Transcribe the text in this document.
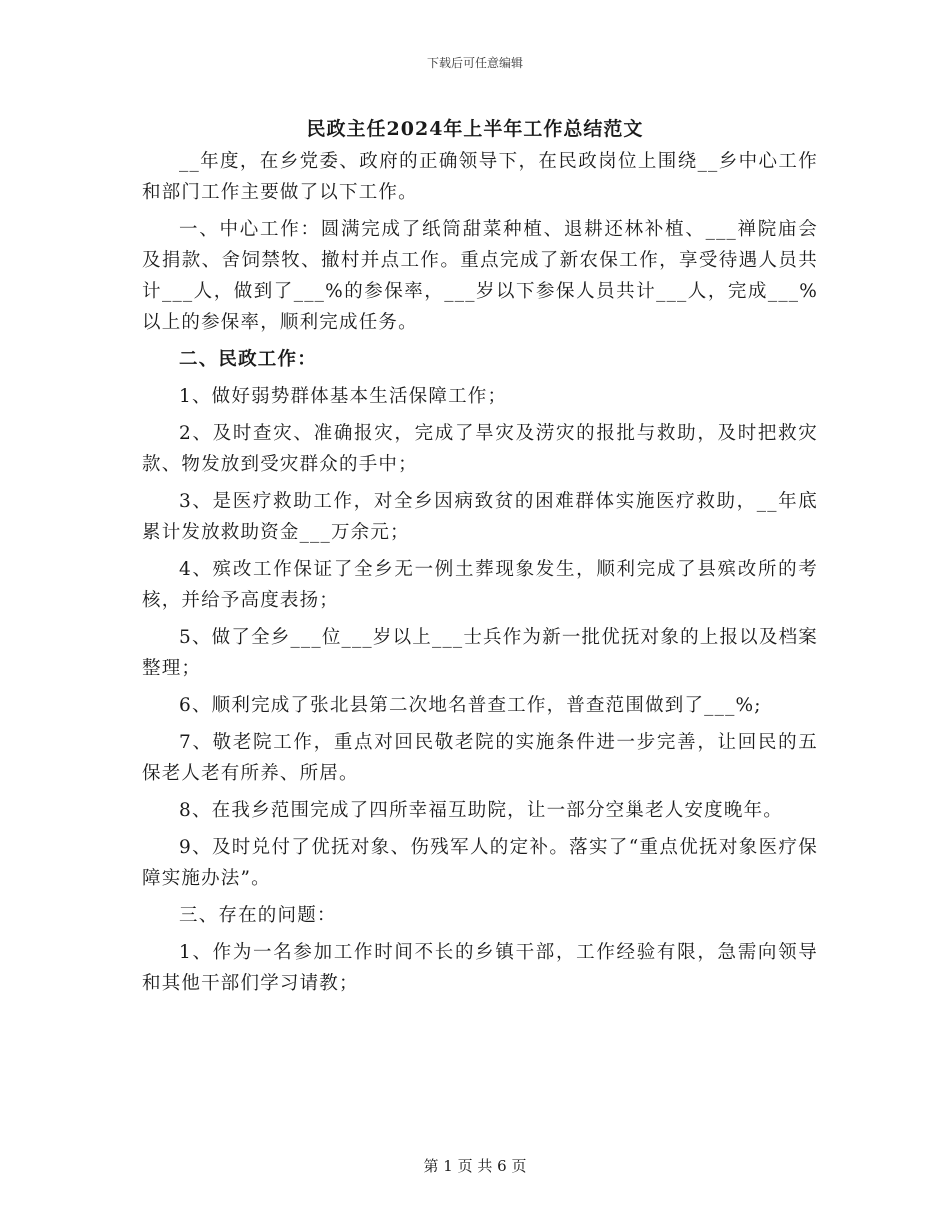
下载后可任意编辑
民政主任2024年上半年工作总结范文

__年度，在乡党委、政府的正确领导下，在民政岗位上围绕__乡中心工作和部门工作主要做了以下工作。

一、中心工作：圆满完成了纸筒甜菜种植、退耕还林补植、___禅院庙会及捐款、舍饲禁牧、撤村并点工作。重点完成了新农保工作，享受待遇人员共计___人，做到了___%的参保率，___岁以下参保人员共计___人，完成___%以上的参保率，顺利完成任务。

二、民政工作：

1、做好弱势群体基本生活保障工作；

2、及时查灾、准确报灾，完成了旱灾及涝灾的报批与救助，及时把救灾款、物发放到受灾群众的手中；

3、是医疗救助工作，对全乡因病致贫的困难群体实施医疗救助，__年底累计发放救助资金___万余元；

4、殡改工作保证了全乡无一例土葬现象发生，顺利完成了县殡改所的考核，并给予高度表扬；

5、做了全乡___位___岁以上___士兵作为新一批优抚对象的上报以及档案整理；

6、顺利完成了张北县第二次地名普查工作，普查范围做到了___%;

7、敬老院工作，重点对回民敬老院的实施条件进一步完善，让回民的五保老人老有所养、所居。

8、在我乡范围完成了四所幸福互助院，让一部分空巢老人安度晚年。

9、及时兑付了优抚对象、伤残军人的定补。落实了“重点优抚对象医疗保障实施办法”。

三、存在的问题：

1、作为一名参加工作时间不长的乡镇干部，工作经验有限，急需向领导和其他干部们学习请教；

第 1 页 共 6 页
